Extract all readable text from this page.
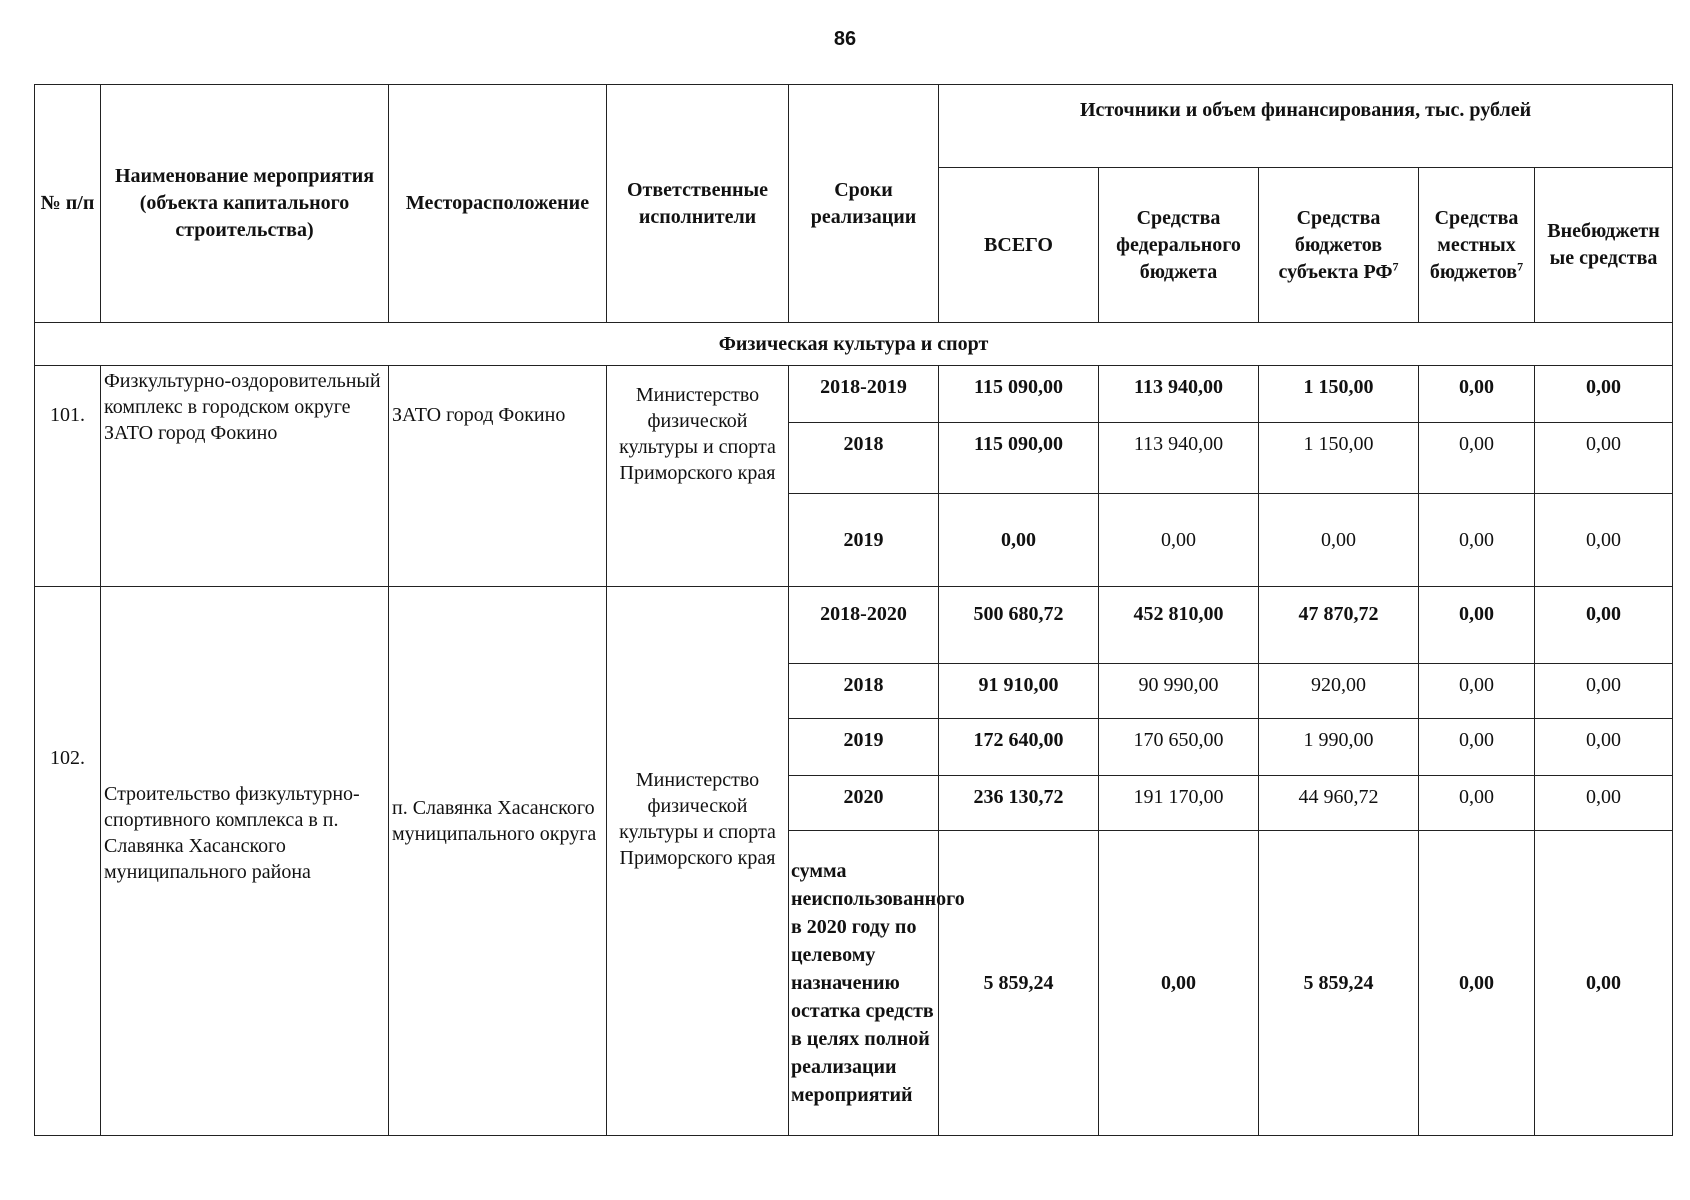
86
№ п/п	Наименование мероприятия (объекта капитального строительства)	Месторасположение	Ответственные исполнители	Сроки реализации	Источники и объем финансирования, тыс. рублей				
					ВСЕГО	Средства федерального бюджета	Средства бюджетов субъекта $РФ^7$	Средства местных бюджетов$^7$	Внебюджетн ые средства
Физическая культура и спорт									
101.	Физкультурно-оздоровительный комплекс в городском округе ЗАТО город Фокино	ЗАТО город Фокино	Министерство физической культуры и спорта Приморского края	2018-2019	115 090,00	113 940,00	1 150,00	0,00	0,00
				2018	115 090,00	113 940,00	1 150,00	0,00	0,00
				2019	0,00	0,00	0,00	0,00	0,00
102.	Строительство физкультурно-спортивного комплекса в п. Славянка Хасанского муниципального района	п. Славянка Хасанского муниципального округа	Министерство физической культуры и спорта Приморского края	2018-2020	500 680,72	452 810,00	47 870,72	0,00	0,00
				2018	91 910,00	90 990,00	920,00	0,00	0,00
				2019	172 640,00	170 650,00	1 990,00	0,00	0,00
				2020	236 130,72	191 170,00	44 960,72	0,00	0,00
				сумма неиспользованного в 2020 году по целевому назначению остатка средств в целях полной реализации мероприятий	5 859,24	0,00	5 859,24	0,00	0,00
